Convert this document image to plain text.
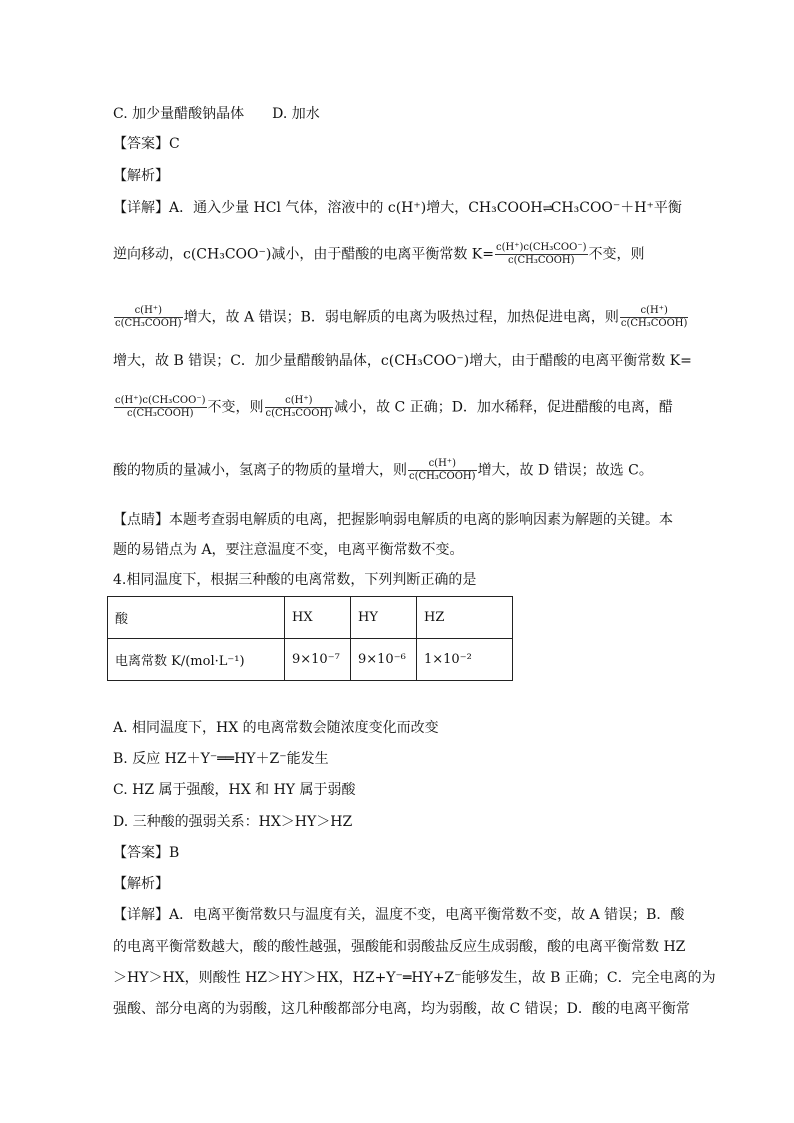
C. 加少量醋酸钠晶体　　D. 加水
【答案】C
【解析】
【详解】A．通入少量 HCl 气体，溶液中的 c(H⁺)增大，CH₃COOH⇌CH₃COO⁻＋H⁺平衡
逆向移动，c(CH₃COO⁻)减小，由于醋酸的电离平衡常数 $K= \frac{\text{c(H⁺)c(CH₃COO⁻)}}{\text{c(CH₃COOH)}}$ 不变，则
$\frac{c(H^+)}{\text{c(CH₃COOH)}}$ 增大，故 A 错误；B．弱电解质的电离为吸热过程，加热促进电离，则 $\frac{c(H^+)}{\text{c(CH₃COOH)}}$
增大，故 B 错误；C．加少量醋酸钠晶体，c(CH₃COO⁻)增大，由于醋酸的电离平衡常数 K=
$\frac{\text{c(H⁺)c(CH₃COO⁻)}}{\text{c(CH₃COOH)}}$ 不变，则 $\frac{c(H^+)}{\text{c(CH₃COOH)}}$ 减小，故 C 正确；D．加水稀释，促进醋酸的电离，醋
酸的物质的量减小，氢离子的物质的量增大，则 $\frac{c(H^+)}{\text{c(CH₃COOH)}}$ 增大，故 D 错误；故选 C。
【点睛】本题考查弱电解质的电离，把握影响弱电解质的电离的影响因素为解题的关键。本
题的易错点为 A，要注意温度不变，电离平衡常数不变。
4.相同温度下，根据三种酸的电离常数，下列判断正确的是
酸	HX	HY	HZ
电离常数 K/(mol·L⁻¹)	9×10⁻⁷	9×10⁻⁶	1×10⁻²
A. 相同温度下，HX 的电离常数会随浓度变化而改变
B. 反应 HZ＋Y⁻══HY＋Z⁻能发生
C. HZ 属于强酸，HX 和 HY 属于弱酸
D. 三种酸的强弱关系：HX＞HY＞HZ
【答案】B
【解析】
【详解】A．电离平衡常数只与温度有关，温度不变，电离平衡常数不变，故 A 错误；B．酸
的电离平衡常数越大，酸的酸性越强，强酸能和弱酸盐反应生成弱酸，酸的电离平衡常数 HZ
＞HY＞HX，则酸性 HZ＞HY＞HX，HZ+Y⁻═HY+Z⁻能够发生，故 B 正确；C．完全电离的为
强酸、部分电离的为弱酸，这几种酸都部分电离，均为弱酸，故 C 错误；D．酸的电离平衡常
